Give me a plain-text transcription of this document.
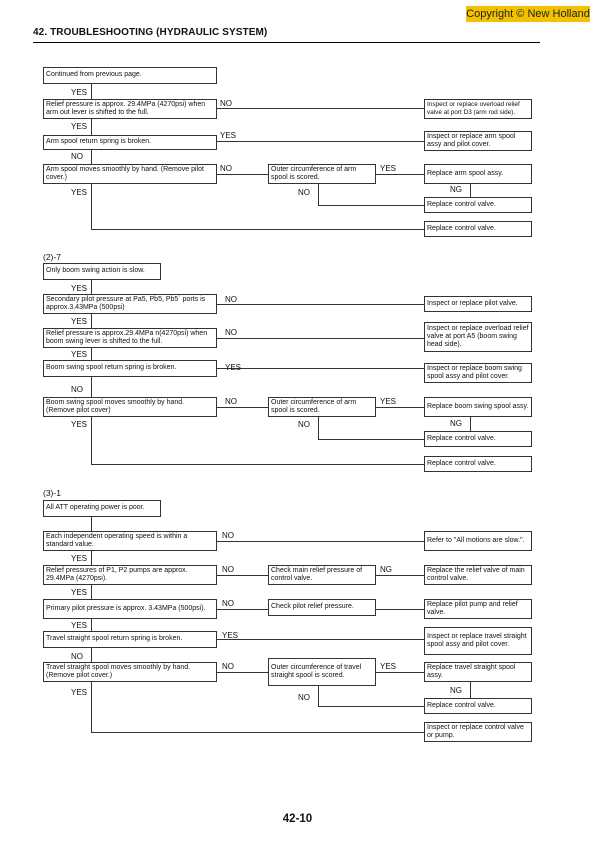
Copyright © New Holland
42. TROUBLESHOOTING (HYDRAULIC SYSTEM)
Continued from previous page.
YES
Relief pressure is approx. 29.4MPa (4270psi) when arm out lever is shifted to the full.
NO	Inspect or replace overload relief valve at port D3 (arm rod side).
YES
Arm spool return spring is broken.
YES	Inspect or replace arm spool assy and pilot cover.
NO
Arm spool moves smoothly by hand. (Remove pilot cover.)
NO	Outer circumference of arm spool is scored.
YES
Replace arm spool assy.
YES	NO	NG
Replace control valve.
Replace control valve.
(2)-7
Only boom swing action is slow.
YES
Secondary pilot pressure at Pa5, Pb5, Pb5` ports is approx.3.43MPa (500psi)
NO	Inspect or replace pilot valve.
YES
Relief pressure is approx.29.4MPa n(4270psi) when boom swing lever is shifted to the full.
NO	Inspect or replace overload relief valve at port A5 (boom swing head side).
YES
Boom swing spool return spring is broken.	YES	Inspect or replace boom swing spool assy and pilot cover.
NO
Boom swing spool moves smoothly by hand. (Remove pilot cover)
NO	Outer circumference of arm spool is scored.
YES
Replace boom swing spool assy.
YES	NO	NG
Replace control valve.
Replace control valve.
(3)-1
All ATT operating power is poor.
Each independent operating speed is within a standard value.
NO
Refer to "All motions are slow.".
YES
Relief pressures of P1, P2 pumps are approx. 29.4MPa (4270psi).
NO	Check main relief pressure of control valve.
NG	Replace the relief valve of main control valve.
YES
Primary pilot pressure is approx. 3.43MPa (500psi).
NO	Check pilot relief pressure.	Replace pilot pump and relief valve.
YES
Travel straight spool return spring is broken.	YES	Inspect or replace travel straight spool assy and pilot cover.
NO
Travel straight spool moves smoothly by hand. (Remove pilot cover.)
NO	Outer circumference of travel straight spool is scored.
YES	Replace travel straight spool assy.
YES
NO
NG
Replace control valve.
Inspect or replace control valve or pump.
42-10
